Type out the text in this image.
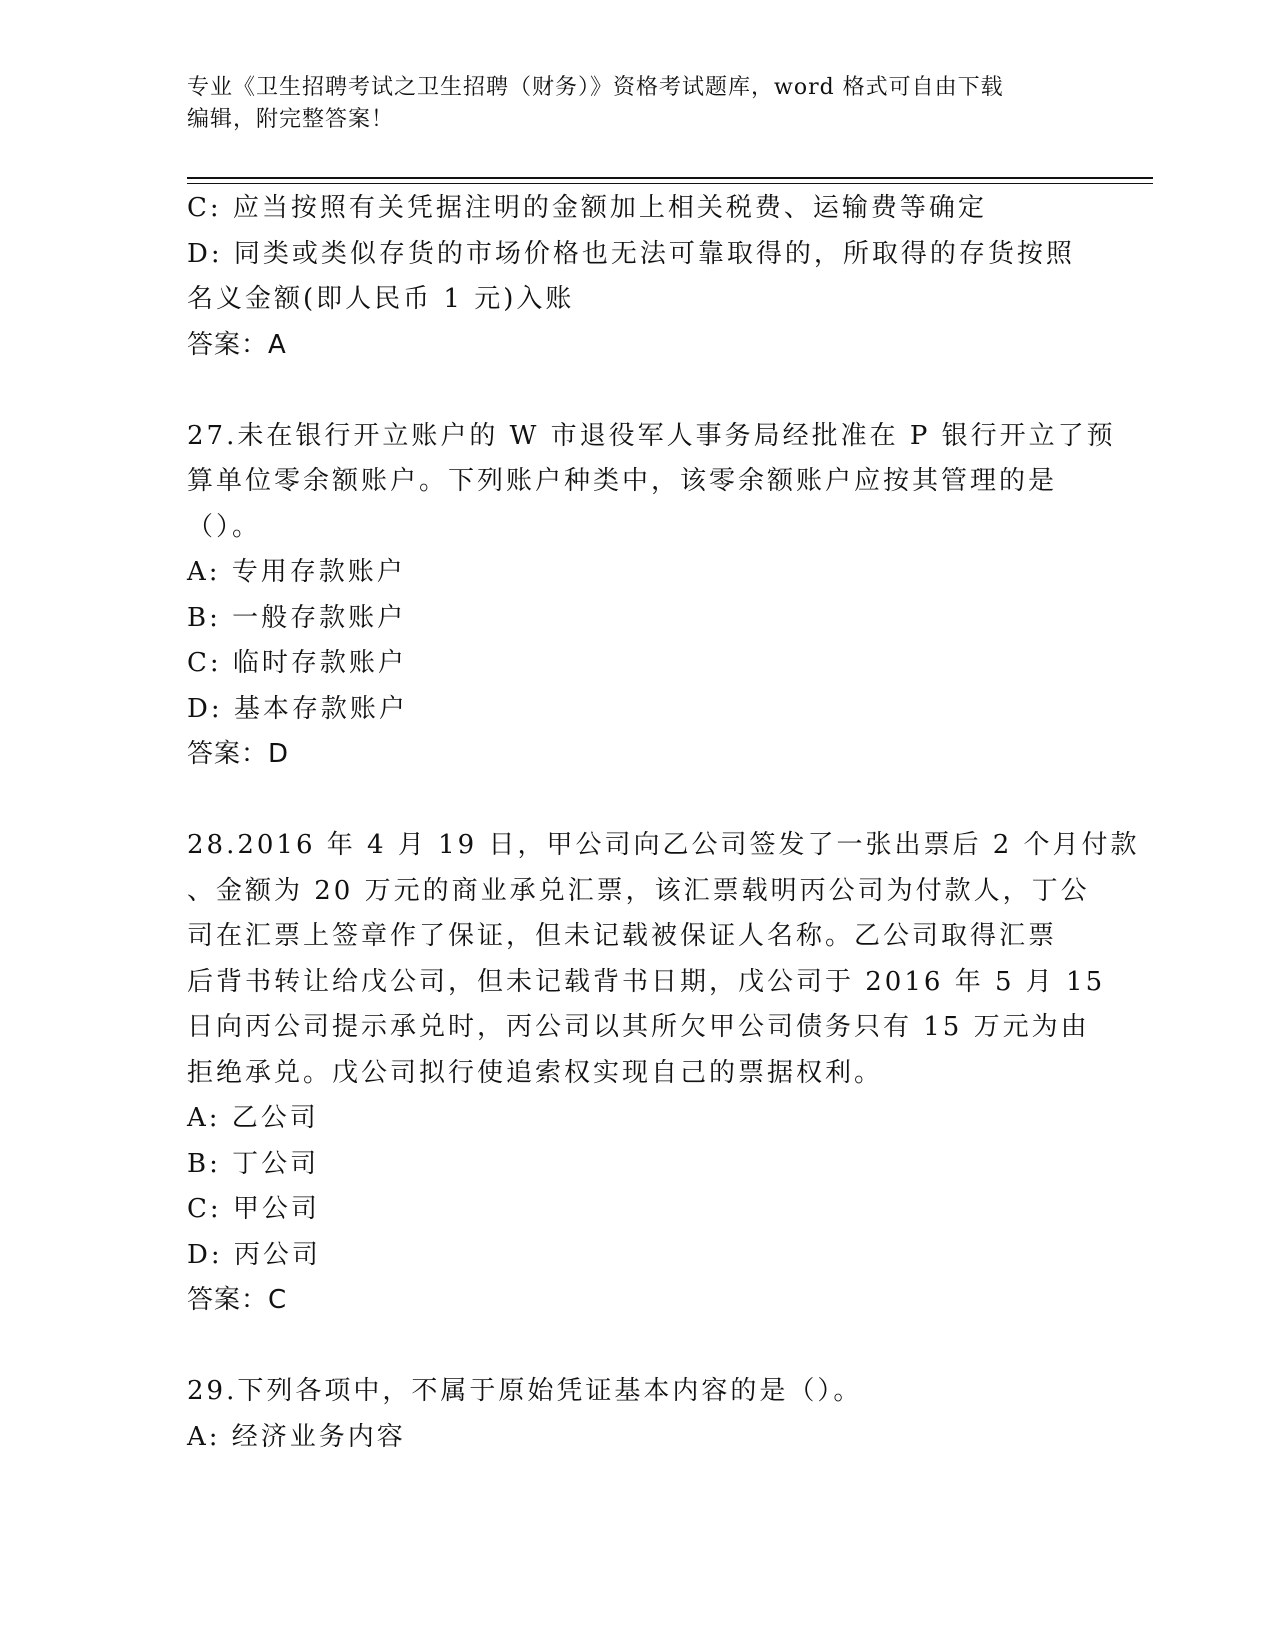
专业《卫生招聘考试之卫生招聘（财务）》资格考试题库，word 格式可自由下载
编辑，附完整答案！
C: 应当按照有关凭据注明的金额加上相关税费、运输费等确定
D: 同类或类似存货的市场价格也无法可靠取得的，所取得的存货按照
名义金额(即人民币 1 元)入账
答案：A
27.未在银行开立账户的 W 市退役军人事务局经批准在 P 银行开立了预
算单位零余额账户。下列账户种类中，该零余额账户应按其管理的是
（）。
A: 专用存款账户
B: 一般存款账户
C: 临时存款账户
D: 基本存款账户
答案：D
28.2016 年 4 月 19 日，甲公司向乙公司签发了一张出票后 2 个月付款
、金额为 20 万元的商业承兑汇票，该汇票载明丙公司为付款人，丁公
司在汇票上签章作了保证，但未记载被保证人名称。乙公司取得汇票
后背书转让给戊公司，但未记载背书日期，戊公司于 2016 年 5 月 15
日向丙公司提示承兑时，丙公司以其所欠甲公司债务只有 15 万元为由
拒绝承兑。戊公司拟行使追索权实现自己的票据权利。
A: 乙公司
B: 丁公司
C: 甲公司
D: 丙公司
答案：C
29.下列各项中，不属于原始凭证基本内容的是（）。
A: 经济业务内容
